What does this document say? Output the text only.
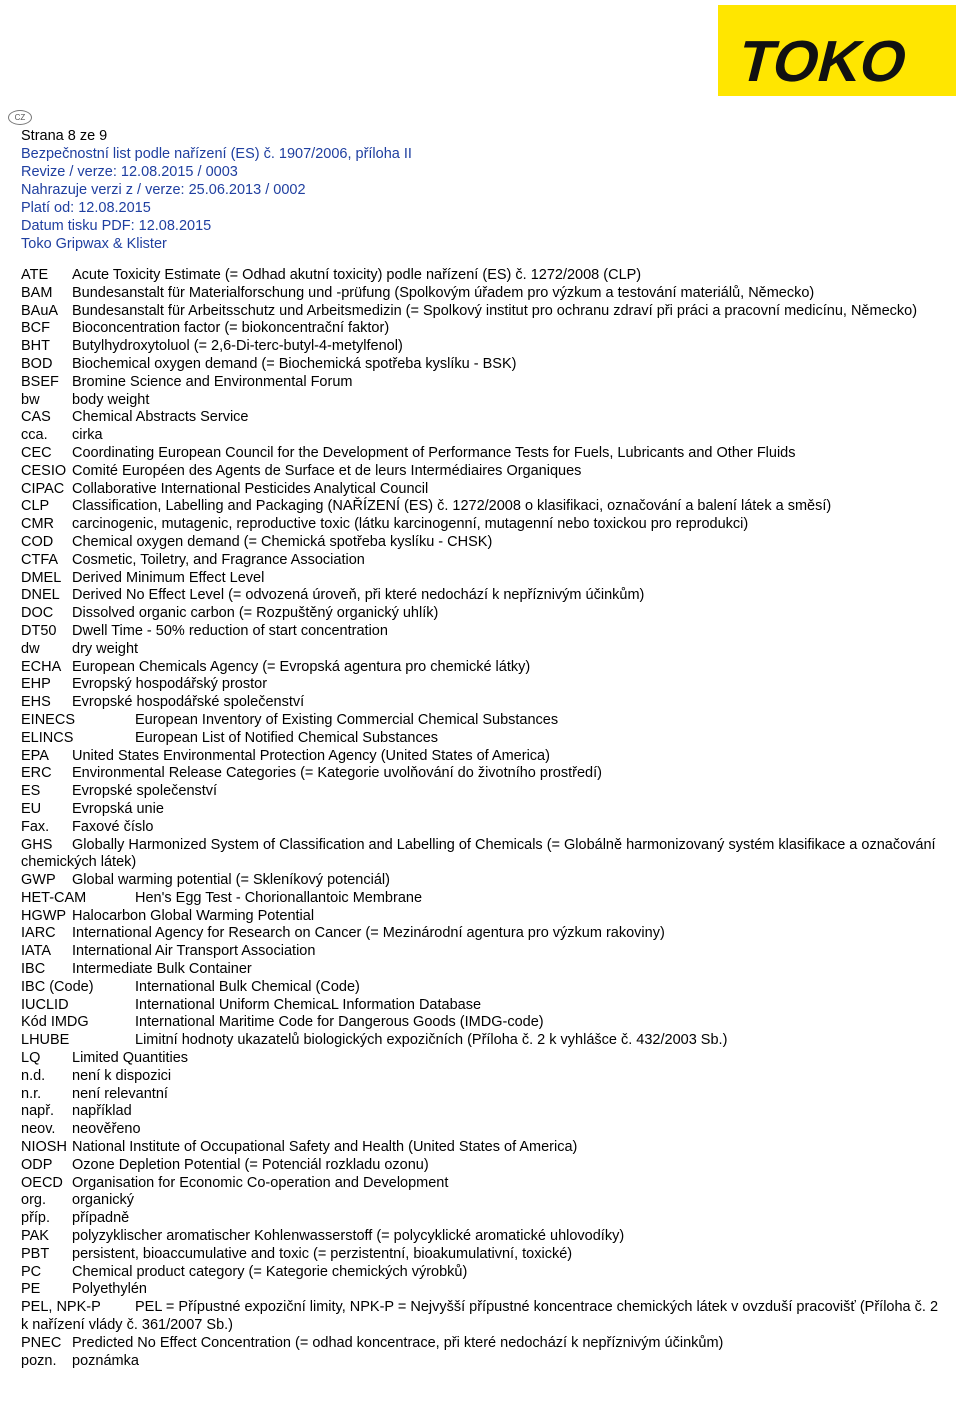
TOKO
CZ
Strana 8 ze 9
Bezpečnostní list podle nařízení (ES) č. 1907/2006, příloha II
Revize / verze: 12.08.2015 / 0003
Nahrazuje verzi z / verze: 25.06.2013 / 0002
Platí od: 12.08.2015
Datum tisku PDF: 12.08.2015
Toko Gripwax & Klister
ATE Acute Toxicity Estimate (= Odhad akutní toxicity) podle nařízení (ES) č. 1272/2008 (CLP)
BAM Bundesanstalt für Materialforschung und -prüfung (Spolkovým úřadem pro výzkum a testování materiálů, Německo)
BAuA Bundesanstalt für Arbeitsschutz und Arbeitsmedizin (= Spolkový institut pro ochranu zdraví při práci a pracovní medicínu, Německo)
BCF Bioconcentration factor (= biokoncentrační faktor)
BHT Butylhydroxytoluol (= 2,6-Di-terc-butyl-4-metylfenol)
BOD Biochemical oxygen demand (= Biochemická spotřeba kyslíku - BSK)
BSEF Bromine Science and Environmental Forum
bw body weight
CAS Chemical Abstracts Service
cca. cirka
CEC Coordinating European Council for the Development of Performance Tests for Fuels, Lubricants and Other Fluids
CESIO Comité Européen des Agents de Surface et de leurs Intermédiaires Organiques
CIPAC Collaborative International Pesticides Analytical Council
CLP Classification, Labelling and Packaging (NAŘÍZENÍ (ES) č. 1272/2008 o klasifikaci, označování a balení látek a směsí)
CMR carcinogenic, mutagenic, reproductive toxic (látku karcinogenní, mutagenní nebo toxickou pro reprodukci)
COD Chemical oxygen demand (= Chemická spotřeba kyslíku - CHSK)
CTFA Cosmetic, Toiletry, and Fragrance Association
DMEL Derived Minimum Effect Level
DNEL Derived No Effect Level (= odvozená úroveň, při které nedochází k nepříznivým účinkům)
DOC Dissolved organic carbon (= Rozpuštěný organický uhlík)
DT50 Dwell Time - 50% reduction of start concentration
dw dry weight
ECHA European Chemicals Agency (= Evropská agentura pro chemické látky)
EHP Evropský hospodářský prostor
EHS Evropské hospodářské společenství
EINECS	European Inventory of Existing Commercial Chemical Substances
ELINCS	European List of Notified Chemical Substances
EPA United States Environmental Protection Agency (United States of America)
ERC Environmental Release Categories (= Kategorie uvolňování do životního prostředí)
ES Evropské společenství
EU Evropská unie
Fax. Faxové číslo
GHS Globally Harmonized System of Classification and Labelling of Chemicals (= Globálně harmonizovaný systém klasifikace a označování chemických látek)
GWP Global warming potential (= Skleníkový potenciál)
HET-CAM	Hen's Egg Test - Chorionallantoic Membrane
HGWP Halocarbon Global Warming Potential
IARC International Agency for Research on Cancer (= Mezinárodní agentura pro výzkum rakoviny)
IATA International Air Transport Association
IBC Intermediate Bulk Container
IBC (Code)	International Bulk Chemical (Code)
IUCLID	International Uniform ChemicaL Information Database
Kód IMDG	International Maritime Code for Dangerous Goods (IMDG-code)
LHUBE	Limitní hodnoty ukazatelů biologických expozičních (Příloha č. 2 k vyhlášce č. 432/2003 Sb.)
LQ Limited Quantities
n.d. není k dispozici
n.r. není relevantní
např. například
neov. neověřeno
NIOSH National Institute of Occupational Safety and Health (United States of America)
ODP Ozone Depletion Potential (= Potenciál rozkladu ozonu)
OECD Organisation for Economic Co-operation and Development
org. organický
příp. případně
PAK polyzyklischer aromatischer Kohlenwasserstoff (= polycyklické aromatické uhlovodíky)
PBT persistent, bioaccumulative and toxic (= perzistentní, bioakumulativní, toxické)
PC Chemical product category (= Kategorie chemických výrobků)
PE Polyethylén
PEL, NPK-P PEL = Přípustné expoziční limity, NPK-P = Nejvyšší přípustné koncentrace chemických látek v ovzduší pracovišť (Příloha č. 2 k nařízení vlády č. 361/2007 Sb.)
PNEC Predicted No Effect Concentration (= odhad koncentrace, při které nedochází k nepříznivým účinkům)
pozn. poznámka
